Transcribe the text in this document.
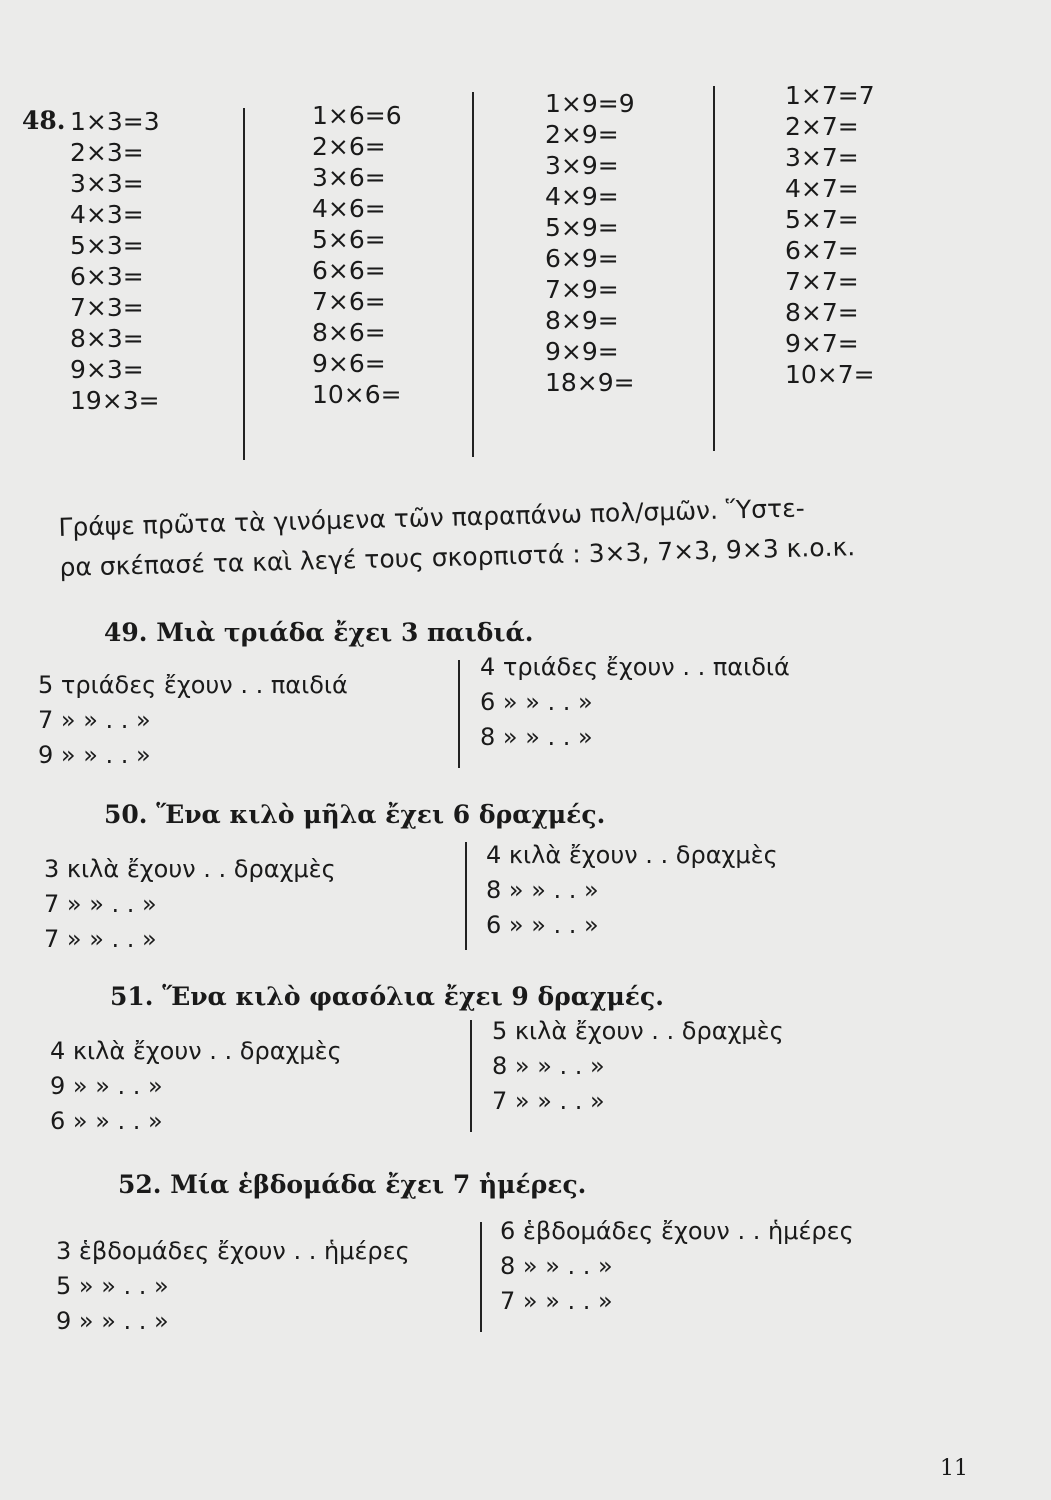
48. 1×3=3
2×3=
3×3=
4×3=
5×3=
6×3=
7×3=
8×3=
9×3=
19×3=
1×6=6
2×6=
3×6=
4×6=
5×6=
6×6=
7×6=
8×6=
9×6=
10×6=
1×9=9
2×9=
3×9=
4×9=
5×9=
6×9=
7×9=
8×9=
9×9=
18×9=
1×7=7
2×7=
3×7=
4×7=
5×7=
6×7=
7×7=
8×7=
9×7=
10×7=
Γράψε πρῶτα τὰ γινόμενα τῶν παραπάνω πολ/σμῶν. Ὕστε-
ρα σκέπασέ τα καὶ λεγέ τους σκορπιστά : 3×3, 7×3, 9×3 κ.ο.κ.
49. Μιὰ τριάδα ἔχει 3 παιδιά.
5 τριάδες ἔχουν . . παιδιά
7 » » . . »
9 » » . . »
4 τριάδες ἔχουν . . παιδιά
6 » » . . »
8 » » . . »
50. Ἕνα κιλὸ μῆλα ἔχει 6 δραχμές.
3 κιλὰ ἔχουν . . δραχμὲς
7 » » . . »
7 » » . . »
4 κιλὰ ἔχουν . . δραχμὲς
8 » » . . »
6 » » . . »
51. Ἕνα κιλὸ φασόλια ἔχει 9 δραχμές.
4 κιλὰ ἔχουν . . δραχμὲς
9 » » . . »
6 » » . . »
5 κιλὰ ἔχουν . . δραχμὲς
8 » » . . »
7 » » . . »
52. Μία ἑβδομάδα ἔχει 7 ἡμέρες.
3 ἑβδομάδες ἔχουν . . ἡμέρες
5 » » . . »
9 » » . . »
6 ἑβδομάδες ἔχουν . . ἡμέρες
8 » » . . »
7 » » . . »
11
